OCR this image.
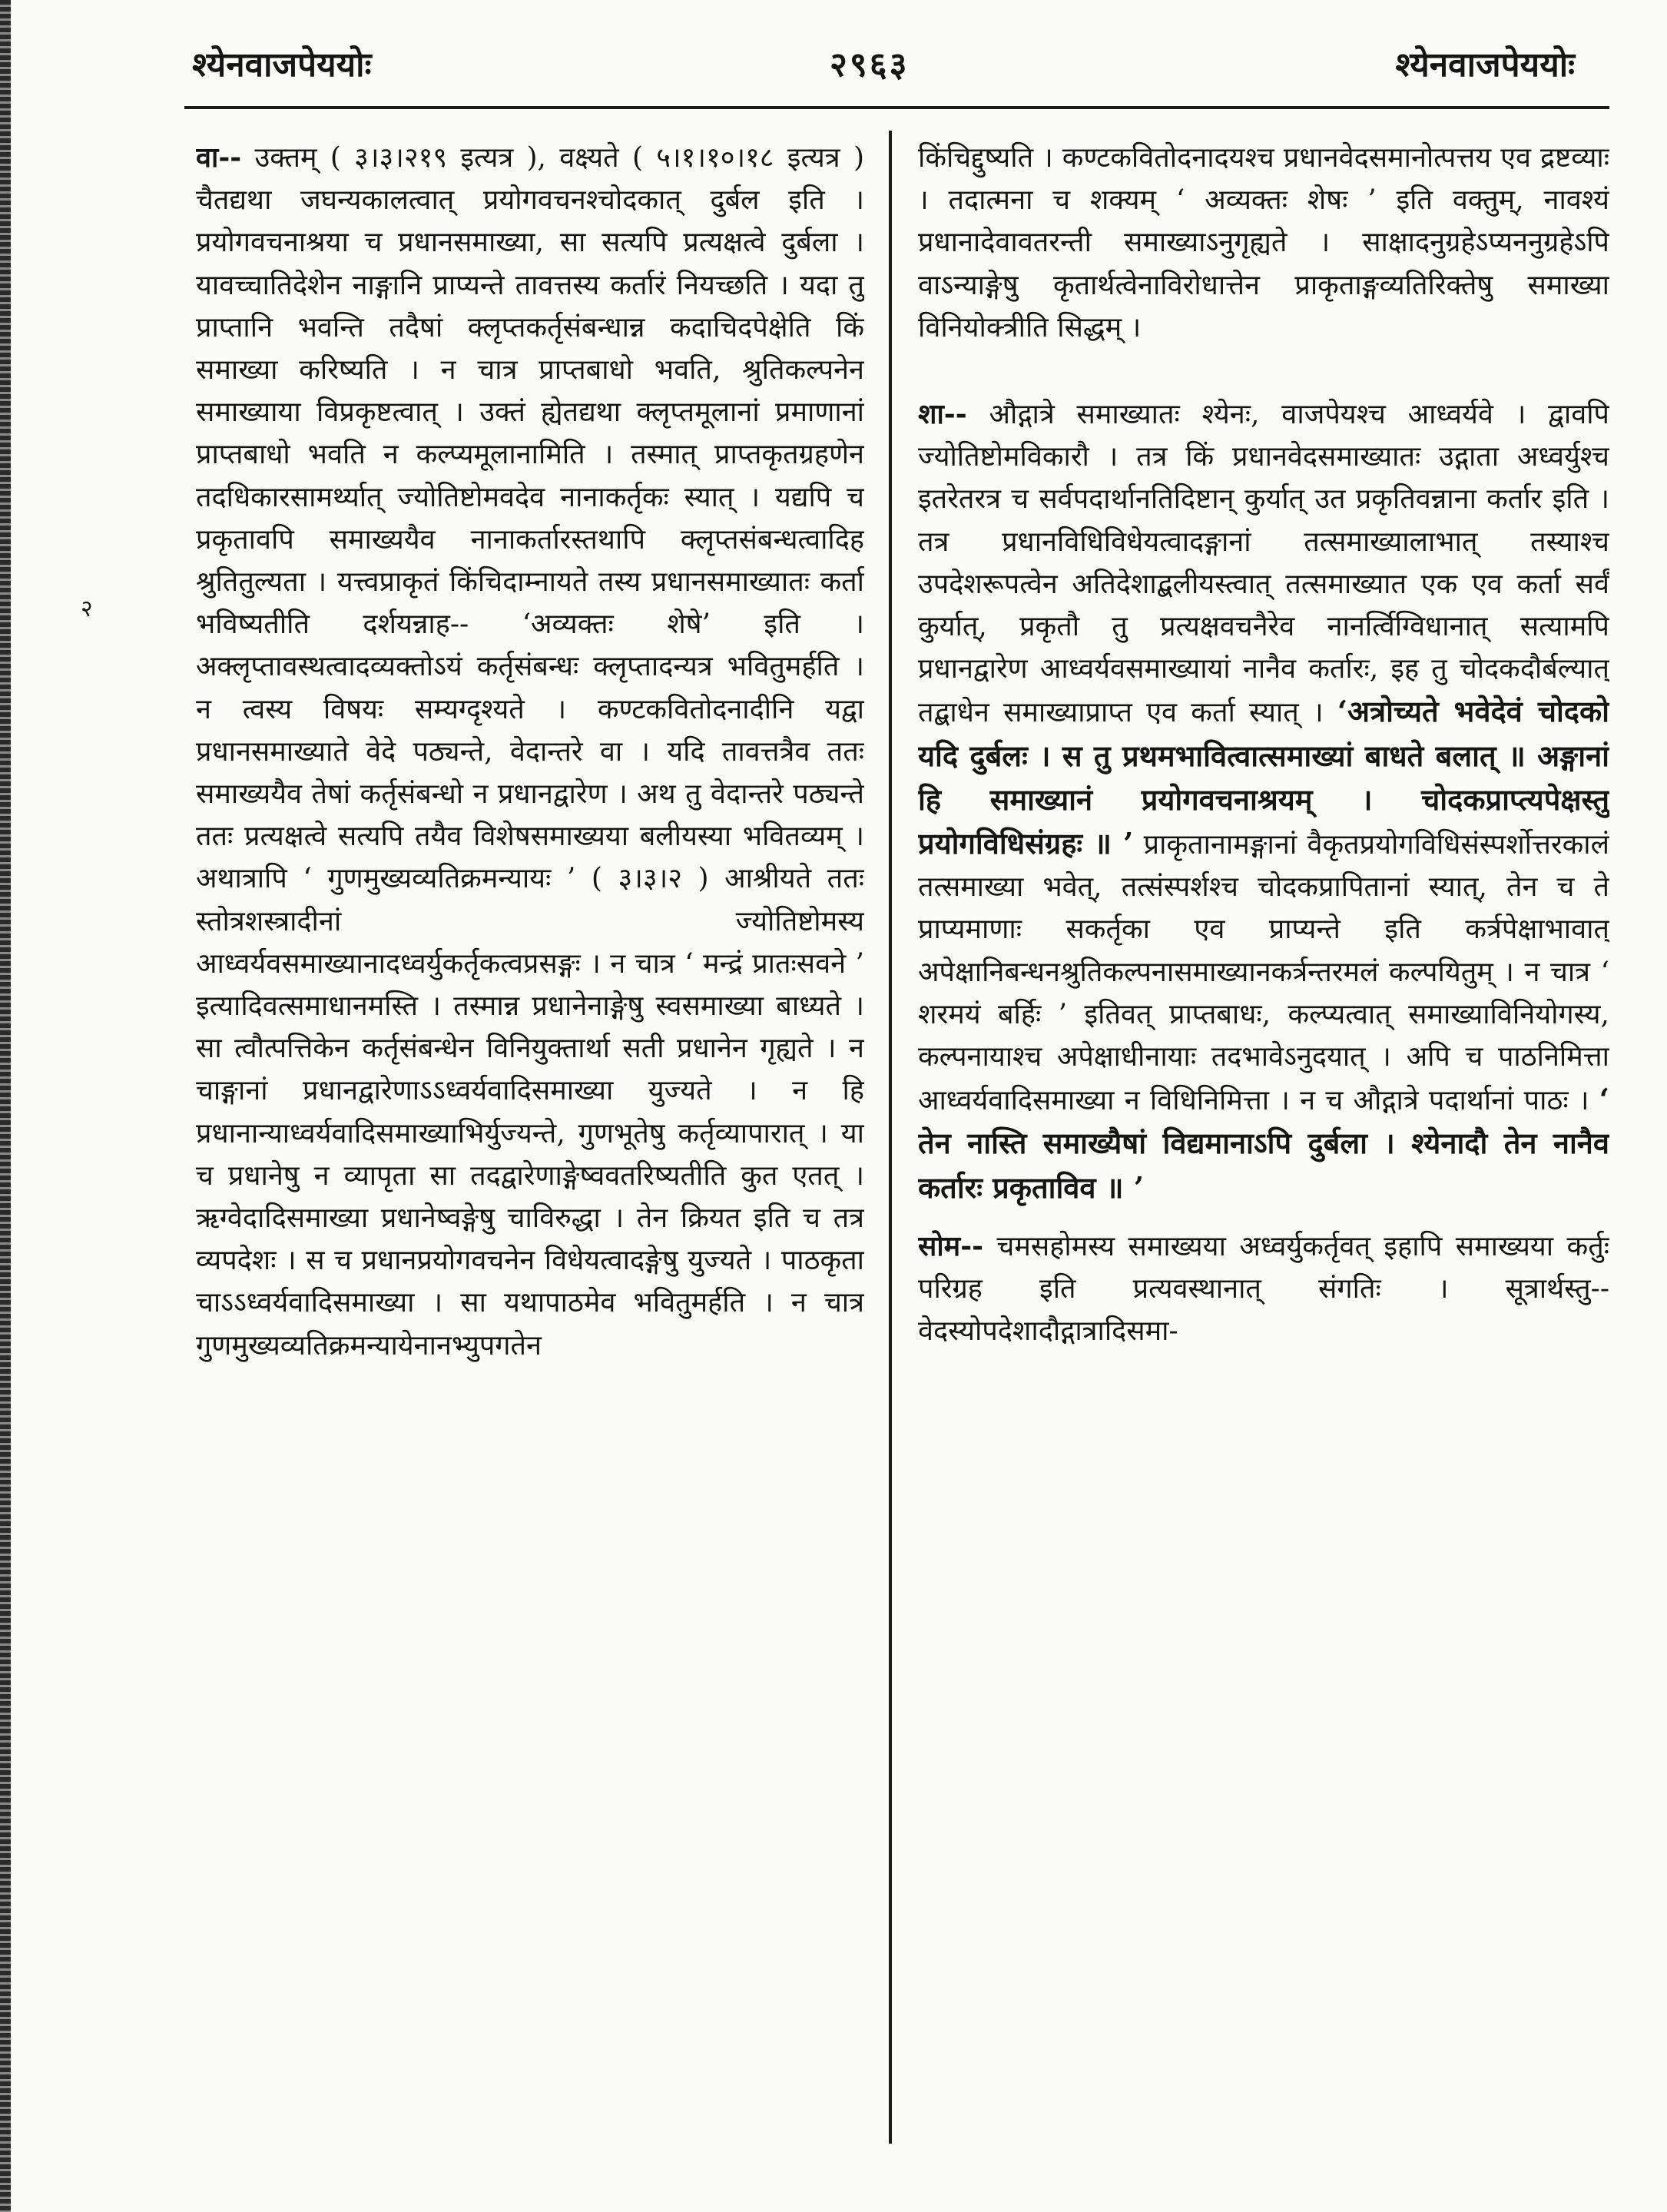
श्येनवाजपेययोः	२९६३	श्येनवाजपेययोः
२

वा-- उक्तम् ( ३।३।२१९ इत्यत्र ), वक्ष्यते ( ५।१।१०।१८ इत्यत्र ) चैतद्यथा जघन्यकालत्वात् प्रयोगवचनश्चोदकात् दुर्बल इति । प्रयोगवचनाश्रया च प्रधानसमाख्या, सा सत्यपि प्रत्यक्षत्वे दुर्बला । यावच्चातिदेशेन नाङ्गानि प्राप्यन्ते तावत्तस्य कर्तारं नियच्छति । यदा तु प्राप्तानि भवन्ति तदैषां क्लृप्तकर्तृसंबन्धान्न कदाचिदपेक्षेति किं समाख्या करिष्यति । न चात्र प्राप्तबाधो भवति, श्रुतिकल्पनेन समाख्याया विप्रकृष्टत्वात् । उक्तं ह्येतद्यथा क्लृप्तमूलानां प्रमाणानां प्राप्तबाधो भवति न कल्प्यमूलानामिति । तस्मात् प्राप्तकृतग्रहणेन तदधिकारसामर्थ्यात् ज्योतिष्टोमवदेव नानाकर्तृकः स्यात् । यद्यपि च प्रकृतावपि समाख्ययैव नानाकर्तारस्तथापि क्लृप्तसंबन्धत्वादिह श्रुतितुल्यता । यत्त्वप्राकृतं किंचिदाम्नायते तस्य प्रधानसमाख्यातः कर्ता भविष्यतीति दर्शयन्नाह-- ‘अव्यक्तः शेषे’ इति । अक्लृप्तावस्थत्वादव्यक्तोऽयं कर्तृसंबन्धः क्लृप्तादन्यत्र भवितुमर्हति । न त्वस्य विषयः सम्यग्दृश्यते । कण्टकवितोदनादीनि यद्वा प्रधानसमाख्याते वेदे पठ्यन्ते, वेदान्तरे वा । यदि तावत्तत्रैव ततः समाख्ययैव तेषां कर्तृसंबन्धो न प्रधानद्वारेण । अथ तु वेदान्तरे पठ्यन्ते ततः प्रत्यक्षत्वे सत्यपि तयैव विशेषसमाख्यया बलीयस्या भवितव्यम् । अथात्रापि ‘ गुणमुख्यव्यतिक्रमन्यायः ’ ( ३।३।२ ) आश्रीयते ततः स्तोत्रशस्त्रादीनां ज्योतिष्टोमस्य आध्वर्यवसमाख्यानादध्वर्युकर्तृकत्वप्रसङ्गः । न चात्र ‘ मन्द्रं प्रातःसवने ’ इत्यादिवत्समाधानमस्ति । तस्मान्न प्रधानेनाङ्गेषु स्वसमाख्या बाध्यते । सा त्वौत्पत्तिकेन कर्तृसंबन्धेन विनियुक्तार्था सती प्रधानेन गृह्यते । न चाङ्गानां प्रधानद्वारेणाऽऽध्वर्यवादिसमाख्या युज्यते । न हि प्रधानान्याध्वर्यवादिसमाख्याभिर्युज्यन्ते, गुणभूतेषु कर्तृव्यापारात् । या च प्रधानेषु न व्यापृता सा तदद्वारेणाङ्गेष्ववतरिष्यतीति कुत एतत् । ऋग्वेदादिसमाख्या प्रधानेष्वङ्गेषु चाविरुद्धा । तेन क्रियत इति च तत्र व्यपदेशः । स च प्रधानप्रयोगवचनेन विधेयत्वादङ्गेषु युज्यते । पाठकृता चाऽऽध्वर्यवादिसमाख्या । सा यथापाठमेव भवितुमर्हति । न चात्र गुणमुख्यव्यतिक्रमन्यायेनानभ्युपगतेन

किंचिद्दुष्यति । कण्टकवितोदनादयश्च प्रधानवेदसमानोत्पत्तय एव द्रष्टव्याः । तदात्मना च शक्यम् ‘ अव्यक्तः शेषः ’ इति वक्तुम्, नावश्यं प्रधानादेवावतरन्ती समाख्याऽनुगृह्यते । साक्षादनुग्रहेऽप्यननुग्रहेऽपि वाऽन्याङ्गेषु कृतार्थत्वेनाविरोधात्तेन प्राकृताङ्गव्यतिरिक्तेषु समाख्या विनियोक्त्रीति सिद्धम् ।

शा-- औद्गात्रे समाख्यातः श्येनः, वाजपेयश्च आध्वर्यवे । द्वावपि ज्योतिष्टोमविकारौ । तत्र किं प्रधानवेदसमाख्यातः उद्गाता अध्वर्युश्च इतरेतरत्र च सर्वपदार्थानतिदिष्टान् कुर्यात् उत प्रकृतिवन्नाना कर्तार इति । तत्र प्रधानविधिविधेयत्वादङ्गानां तत्समाख्यालाभात् तस्याश्च उपदेशरूपत्वेन अतिदेशाद्बलीयस्त्वात् तत्समाख्यात एक एव कर्ता सर्वं कुर्यात्, प्रकृतौ तु प्रत्यक्षवचनैरेव नानर्त्विग्विधानात् सत्यामपि प्रधानद्वारेण आध्वर्यवसमाख्यायां नानैव कर्तारः, इह तु चोदकदौर्बल्यात् तद्बाधेन समाख्याप्राप्त एव कर्ता स्यात् । ‘अत्रोच्यते भवेदेवं चोदको यदि दुर्बलः । स तु प्रथमभावित्वात्समाख्यां बाधते बलात् ॥ अङ्गानां हि समाख्यानं प्रयोगवचनाश्रयम् । चोदकप्राप्त्यपेक्षस्तु प्रयोगविधिसंग्रहः ॥ ’ प्राकृतानामङ्गानां वैकृतप्रयोगविधिसंस्पर्शोत्तरकालं तत्समाख्या भवेत्, तत्संस्पर्शश्च चोदकप्रापितानां स्यात्, तेन च ते प्राप्यमाणाः सकर्तृका एव प्राप्यन्ते इति कर्त्रपेक्षाभावात् अपेक्षानिबन्धनश्रुतिकल्पनासमाख्यानकर्त्रन्तरमलं कल्पयितुम् । न चात्र ‘ शरमयं बर्हिः ’ इतिवत् प्राप्तबाधः, कल्प्यत्वात् समाख्याविनियोगस्य, कल्पनायाश्च अपेक्षाधीनायाः तदभावेऽनुदयात् । अपि च पाठनिमित्ता आध्वर्यवादिसमाख्या न विधिनिमित्ता । न च औद्गात्रे पदार्थानां पाठः । ‘ तेन नास्ति समाख्यैषां विद्यमानाऽपि दुर्बला । श्येनादौ तेन नानैव कर्तारः प्रकृताविव ॥ ’

सोम-- चमसहोमस्य समाख्यया अध्वर्युकर्तृवत् इहापि समाख्यया कर्तुः परिग्रह इति प्रत्यवस्थानात् संगतिः । सूत्रार्थस्तु-- वेदस्योपदेशादौद्गात्रादिसमा-
